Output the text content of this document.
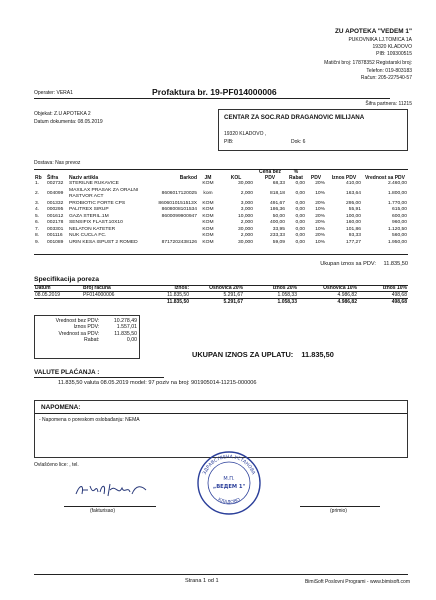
ZU APOTEKA "VEDEM 1"
PUKOVNIKA LJ.TOMICA 1A
19320 KLADOVO
PIB: 109300515
Matični broj: 17878352 Registarski broj:
Telefon: 019-803183
Račun: 205-227540-57
Operater: VERA1	Profaktura br. 19-PF014000006
Šifra partnera: 11215
Objekat: Z.U APOTEKA 2
Datum dokumenta: 08.05.2019
CENTAR ZA SOC.RAD DRAGANOVIC MILIJANA
19320 KLADOVO ,
PIB:	Dok: 6
Dostava: Nas prevoz
Rb	Šifra	Naziv artikla	Barkod	JM	KOL	Cena bez PDV	% Rabat	PDV	Iznos PDV	Vrednost sa PDV
1.	002732	STERILNE RUKAVICE		KOM	30,000	68,33	0,00	20%	410,00	2.460,00
2.	004099	MAXILAX PRASAK ZA ORALNI RASTVOR ACT	8606017120025	kom	2,000	818,18	0,00	10%	163,64	1.800,00
3.	001332	PROBIOTIC FORTE CPS	8606010151513X	KOM	3,000	491,67	0,00	20%	295,00	1.770,00
4.	000295	PALITREX SIRUP	8608008101534	KOM	3,000	186,36	0,00	10%	55,91	615,00
5.	001612	GAZA STERIL.1M	8600099900947	KOM	10,000	50,00	0,00	20%	100,00	600,00
6.	002178	SENSIFIX FLAST.10X10		KOM	2,000	400,00	0,00	20%	160,00	960,00
7.	003301	NELATON KATETER		KOM	30,000	33,95	0,00	10%	101,86	1.120,50
8.	001116	NUK CUCLA FC.		KOM	2,000	233,33	0,00	20%	93,33	560,00
9.	001089	URIN KESA ISPUST 2 ROMED	8717202438126	KOM	30,000	59,09	0,00	10%	177,27	1.950,00
Ukupan iznos sa PDV: 11.835,50
Specifikacija poreza
Datum	Broj računa	Iznos:	Osnovica 20%	Iznos 20%	Osnovica 10%	Iznos 10%
08.05.2019	PF014000006	11.835,50	5.291,67	1.058,33	4.986,82	498,68
		11.835,50	5.291,67	1.058,33	4.986,82	498,68
Vrednost bez PDV:	10.278,49
Iznos PDV:	1.557,01
Vrednost sa PDV:	11.835,50
Rabat:	0,00
UKUPAN IZNOS ZA UPLATU: 11.835,50
VALUTE PLAĆANJA :
11.835,50 valuta 08.05.2019 model: 97 poziv na broj: 901905014-11215-000006
NAPOMENA:
- Napomena o poreskom oslobađanju: NEMA
Ovlašćeno lice: , tel.
(fakturisao)
ЗДРАВСТВЕНА УСТАНОВА
КЛАДОВО
М.П.
„ВЕДЕМ 1"
(primio)
Strana 1 od 1	BimiSoft Poslovni Programi - www.bimisoft.com
